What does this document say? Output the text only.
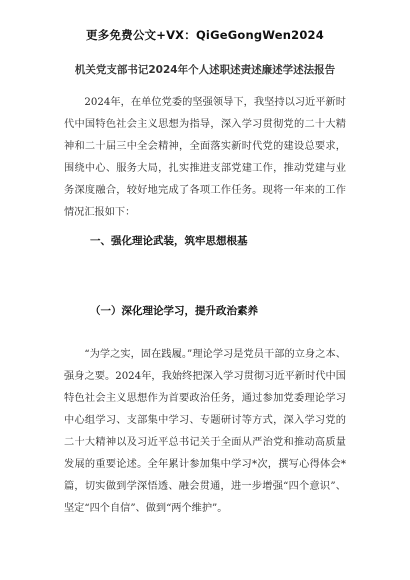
更多免费公文+VX：QiGeGongWen2024
机关党支部书记2024年个人述职述责述廉述学述法报告

2024年，在单位党委的坚强领导下，我坚持以习近平新时代中国特色社会主义思想为指导，深入学习贯彻党的二十大精神和二十届三中全会精神，全面落实新时代党的建设总要求，围绕中心、服务大局，扎实推进支部党建工作，推动党建与业务深度融合，较好地完成了各项工作任务。现将一年来的工作情况汇报如下：

一、强化理论武装，筑牢思想根基
（一）深化理论学习，提升政治素养

“为学之实，固在践履。”理论学习是党员干部的立身之本、强身之要。2024年，我始终把深入学习贯彻习近平新时代中国特色社会主义思想作为首要政治任务，通过参加党委理论学习中心组学习、支部集中学习、专题研讨等方式，深入学习党的二十大精神以及习近平总书记关于全面从严治党和推动高质量发展的重要论述。全年累计参加集中学习*次，撰写心得体会*篇，切实做到学深悟透、融会贯通，进一步增强“四个意识”、坚定“四个自信”、做到“两个维护”。
